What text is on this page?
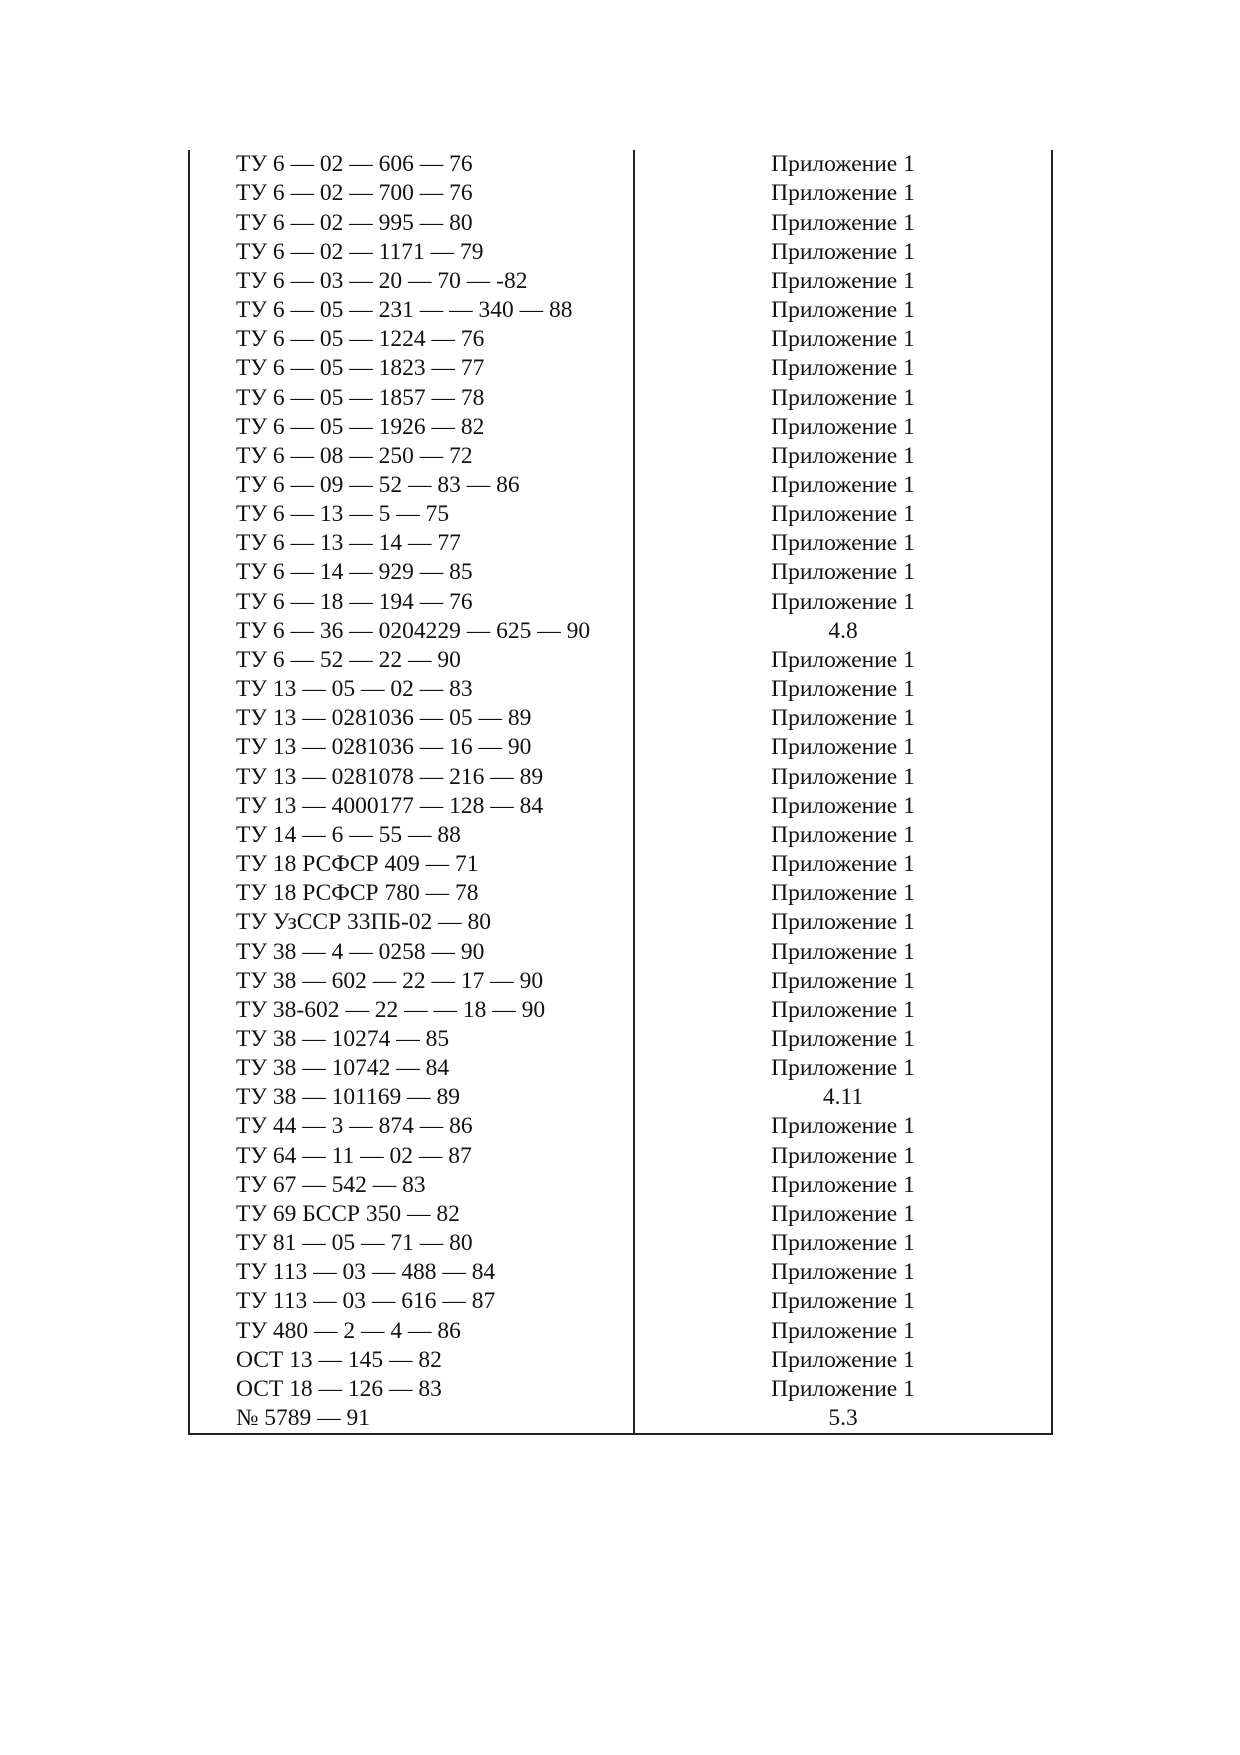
ТУ 6 — 02 — 606 — 76	Приложение 1
ТУ 6 — 02 — 700 — 76	Приложение 1
ТУ 6 — 02 — 995 — 80	Приложение 1
ТУ 6 — 02 — 1171 — 79	Приложение 1
ТУ 6 — 03 — 20 — 70 — -82	Приложение 1
ТУ 6 — 05 — 231 — — 340 — 88	Приложение 1
ТУ 6 — 05 — 1224 — 76	Приложение 1
ТУ 6 — 05 — 1823 — 77	Приложение 1
ТУ 6 — 05 — 1857 — 78	Приложение 1
ТУ 6 — 05 — 1926 — 82	Приложение 1
ТУ 6 — 08 — 250 — 72	Приложение 1
ТУ 6 — 09 — 52 — 83 — 86	Приложение 1
ТУ 6 — 13 — 5 — 75	Приложение 1
ТУ 6 — 13 — 14 — 77	Приложение 1
ТУ 6 — 14 — 929 — 85	Приложение 1
ТУ 6 — 18 — 194 — 76	Приложение 1
ТУ 6 — 36 — 0204229 — 625 — 90	4.8
ТУ 6 — 52 — 22 — 90	Приложение 1
ТУ 13 — 05 — 02 — 83	Приложение 1
ТУ 13 — 0281036 — 05 — 89	Приложение 1
ТУ 13 — 0281036 — 16 — 90	Приложение 1
ТУ 13 — 0281078 — 216 — 89	Приложение 1
ТУ 13 — 4000177 — 128 — 84	Приложение 1
ТУ 14 — 6 — 55 — 88	Приложение 1
ТУ 18 РСФСР 409 — 71	Приложение 1
ТУ 18 РСФСР 780 — 78	Приложение 1
ТУ УзССР 33ПБ-02 — 80	Приложение 1
ТУ 38 — 4 — 0258 — 90	Приложение 1
ТУ 38 — 602 — 22 — 17 — 90	Приложение 1
ТУ 38-602 — 22 — — 18 — 90	Приложение 1
ТУ 38 — 10274 — 85	Приложение 1
ТУ 38 — 10742 — 84	Приложение 1
ТУ 38 — 101169 — 89	4.11
ТУ 44 — 3 — 874 — 86	Приложение 1
ТУ 64 — 11 — 02 — 87	Приложение 1
ТУ 67 — 542 — 83	Приложение 1
ТУ 69 БССР 350 — 82	Приложение 1
ТУ 81 — 05 — 71 — 80	Приложение 1
ТУ 113 — 03 — 488 — 84	Приложение 1
ТУ 113 — 03 — 616 — 87	Приложение 1
ТУ 480 — 2 — 4 — 86	Приложение 1
ОСТ 13 — 145 — 82	Приложение 1
ОСТ 18 — 126 — 83	Приложение 1
№ 5789 — 91	5.3
